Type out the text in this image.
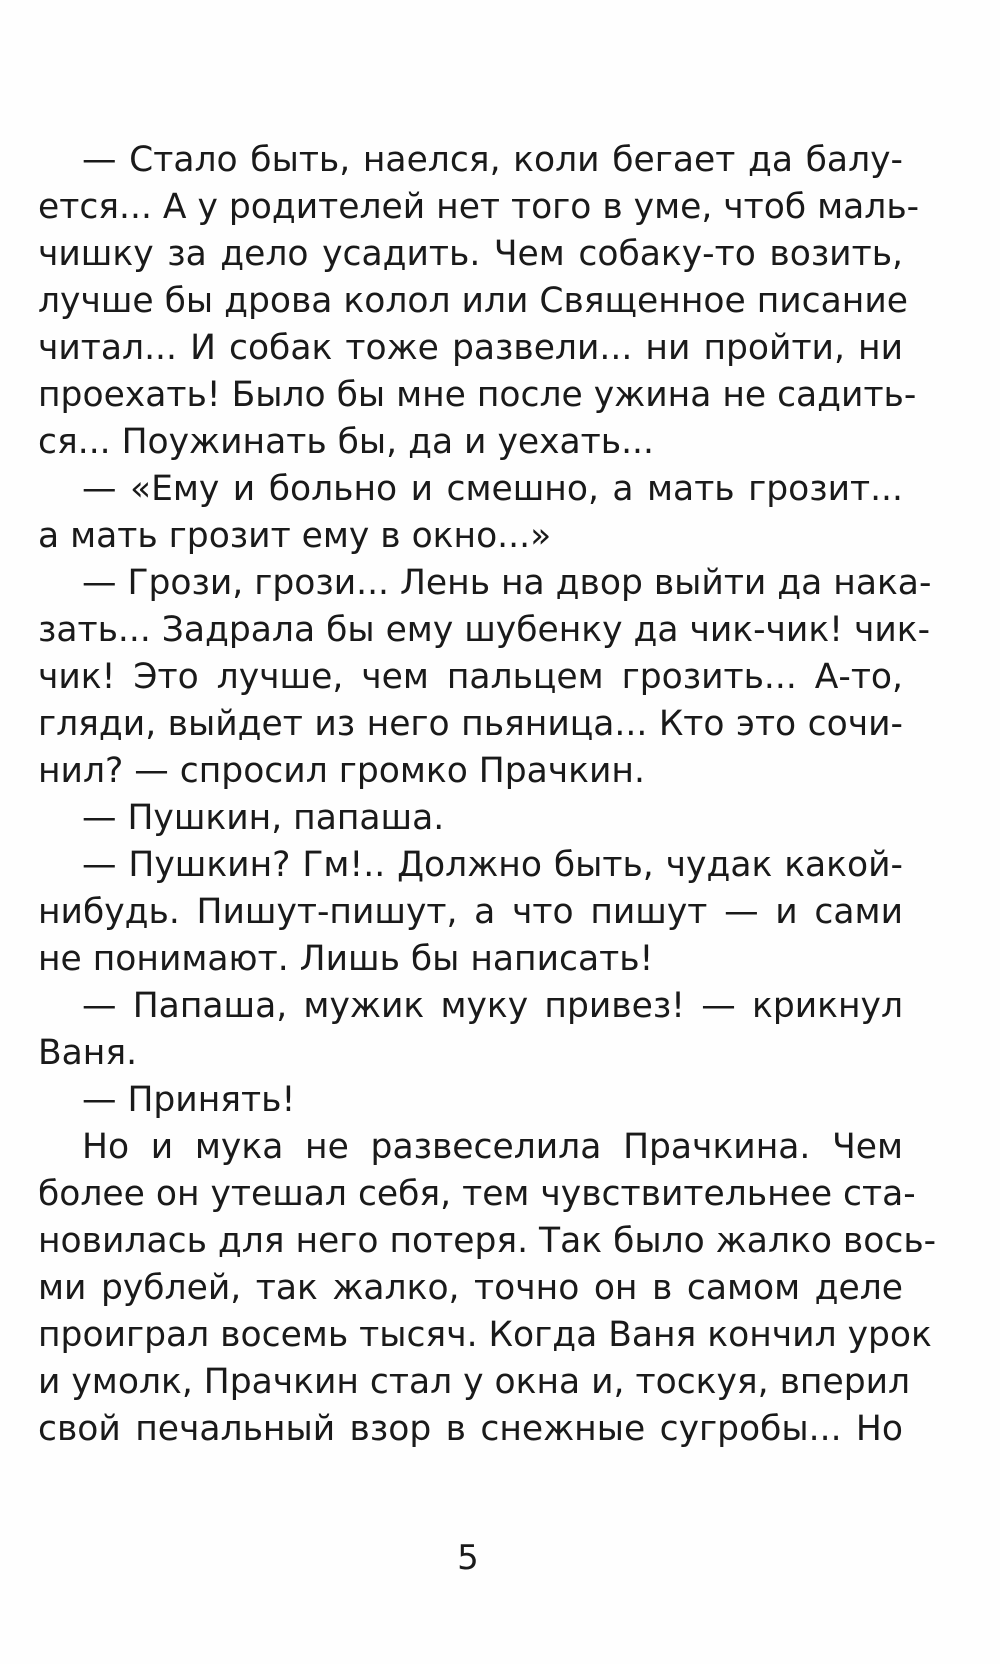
— Стало быть, наелся, коли бегает да балу-
ется... А у родителей нет того в уме, чтоб маль-
чишку за дело усадить. Чем собаку-то возить,
лучше бы дрова колол или Священное писание
читал... И собак тоже развели... ни пройти, ни
проехать! Было бы мне после ужина не садить-
ся... Поужинать бы, да и уехать...
— «Ему и больно и смешно, а мать грозит...
а мать грозит ему в окно...»
— Грози, грози... Лень на двор выйти да нака-
зать... Задрала бы ему шубенку да чик-чик! чик-
чик! Это лучше, чем пальцем грозить... А-то,
гляди, выйдет из него пьяница... Кто это сочи-
нил? — спросил громко Прачкин.
— Пушкин, папаша.
— Пушкин? Гм!.. Должно быть, чудак какой-
нибудь. Пишут-пишут, а что пишут — и сами
не понимают. Лишь бы написать!
— Папаша, мужик муку привез! — крикнул
Ваня.
— Принять!
Но и мука не развеселила Прачкина. Чем
более он утешал себя, тем чувствительнее ста-
новилась для него потеря. Так было жалко вось-
ми рублей, так жалко, точно он в самом деле
проиграл восемь тысяч. Когда Ваня кончил урок
и умолк, Прачкин стал у окна и, тоскуя, вперил
свой печальный взор в снежные сугробы... Но
5
